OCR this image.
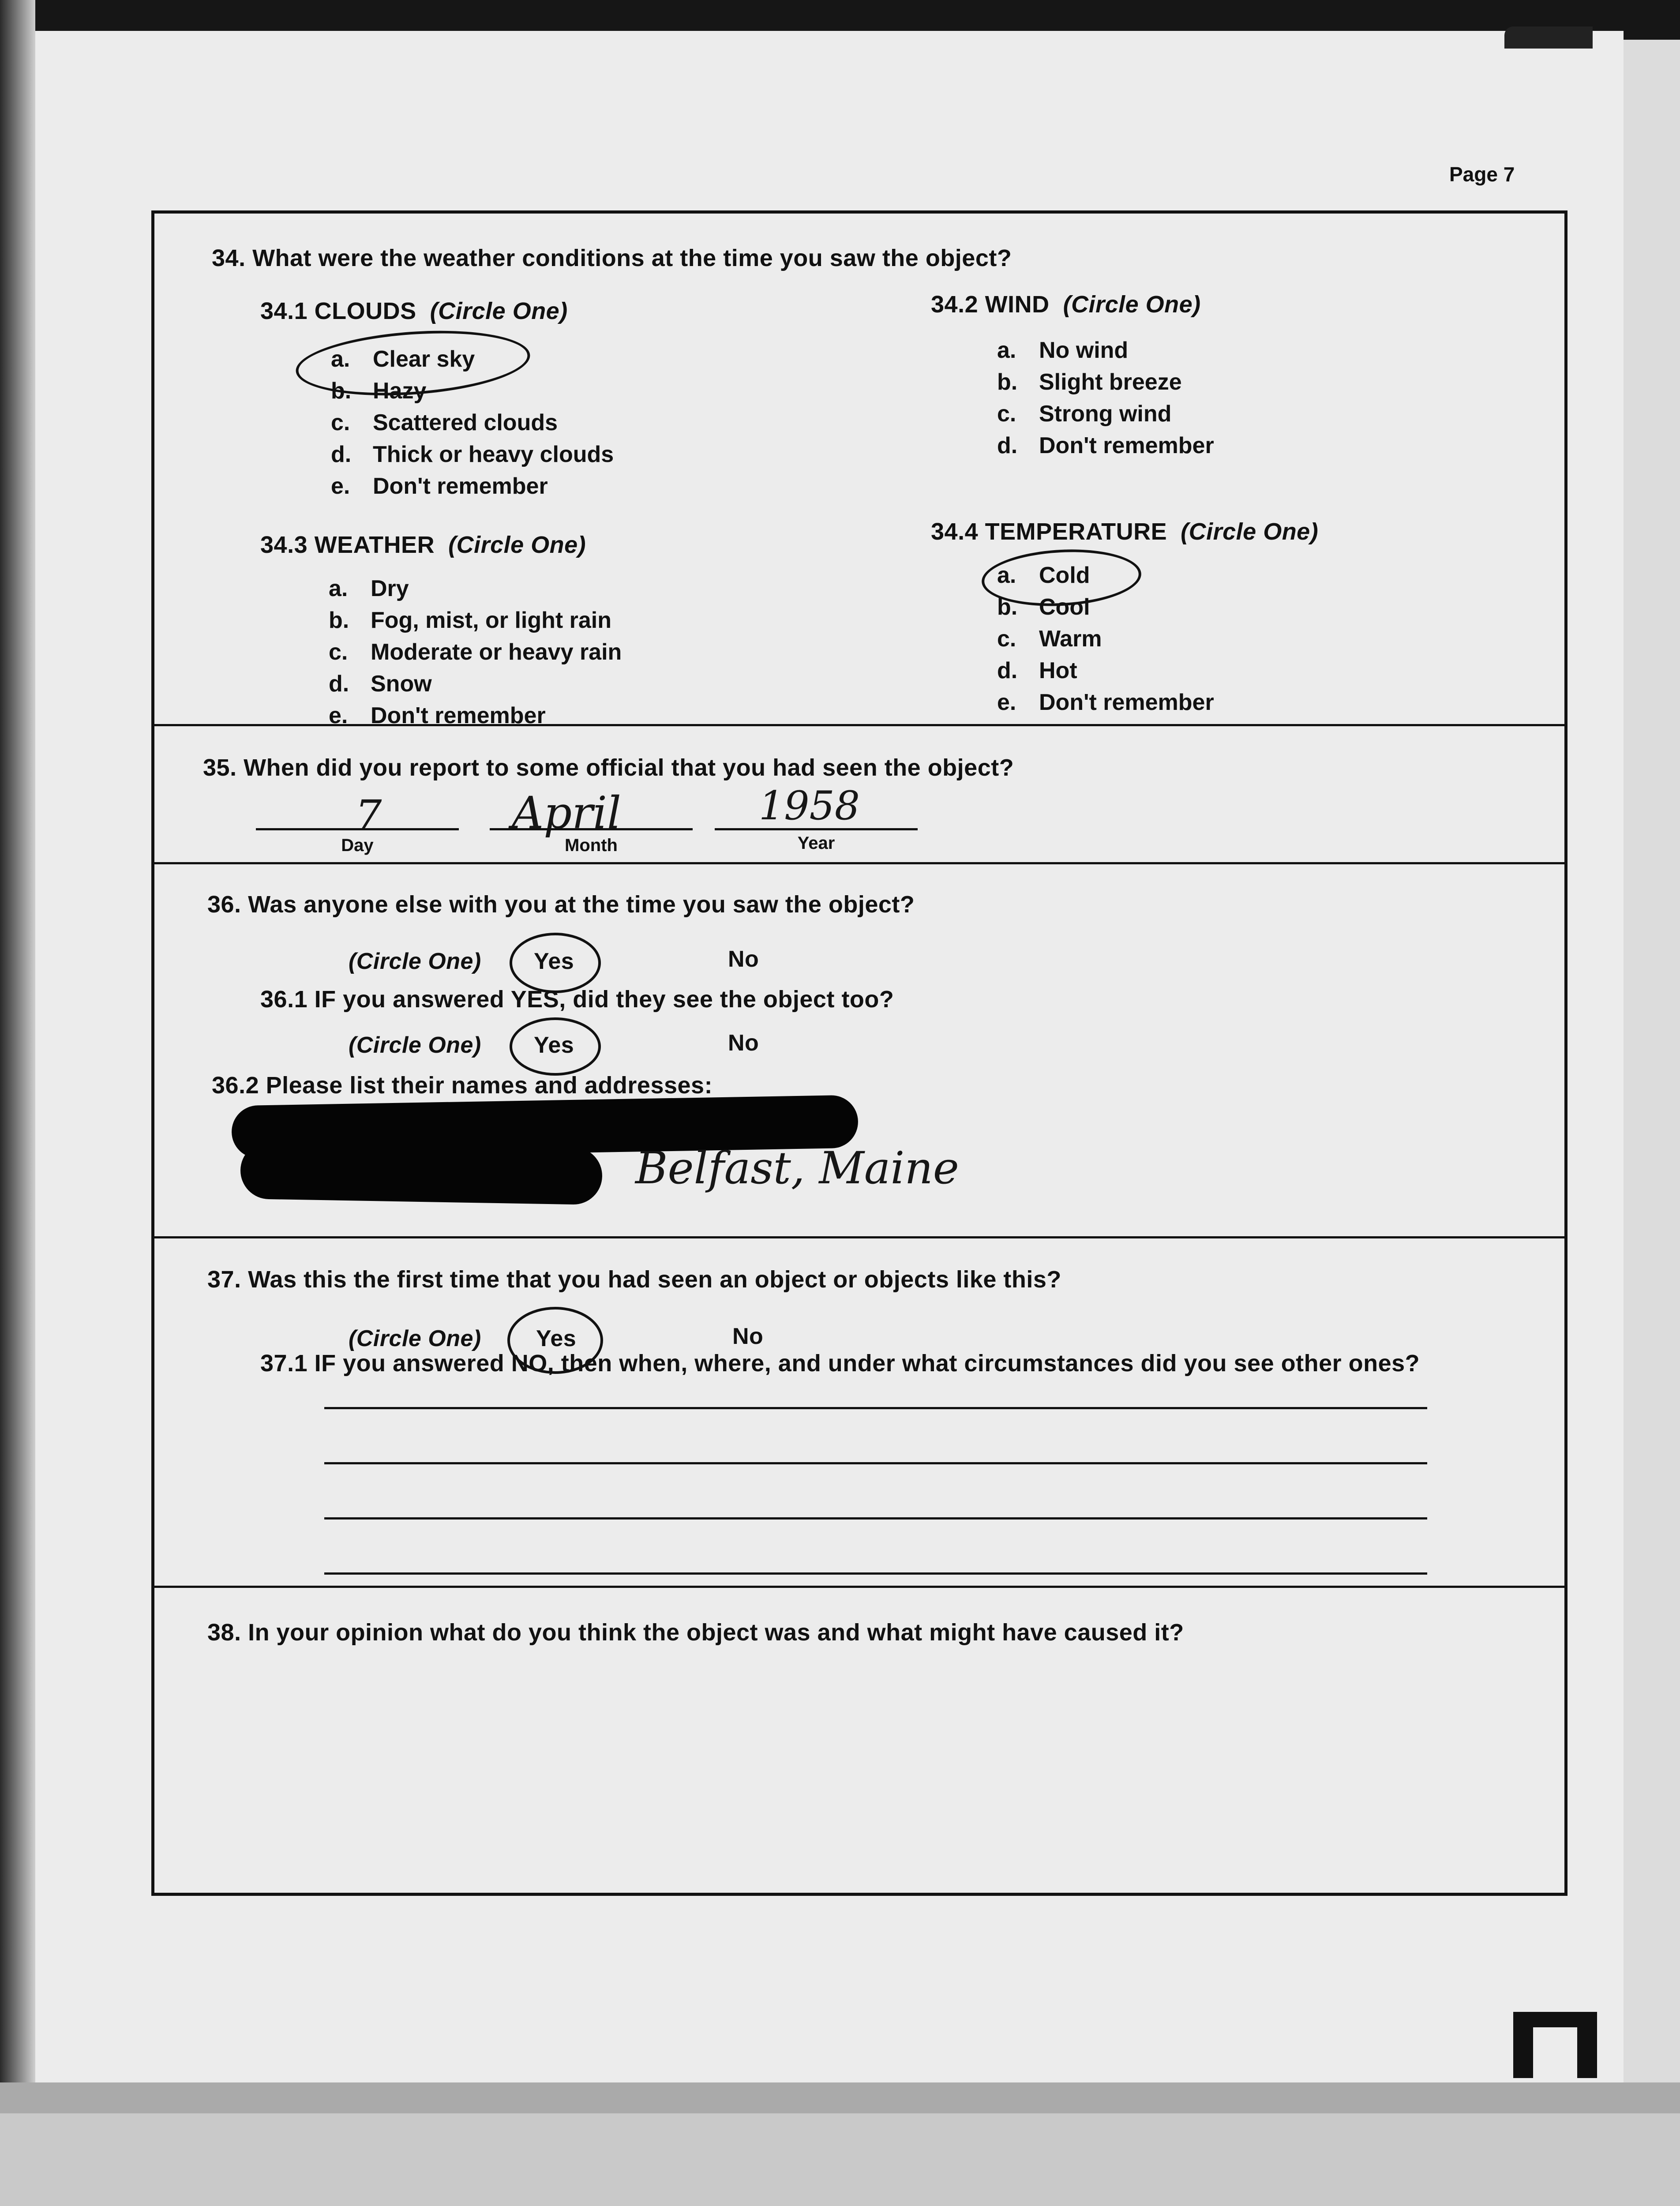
Page 7
34. What were the weather conditions at the time you saw the object?
34.1 CLOUDS (Circle One)
a. Clear sky
b. Hazy
c. Scattered clouds
d. Thick or heavy clouds
e. Don't remember
34.2 WIND (Circle One)
a. No wind
b. Slight breeze
c. Strong wind
d. Don't remember
34.3 WEATHER (Circle One)
a. Dry
b. Fog, mist, or light rain
c. Moderate or heavy rain
d. Snow
e. Don't remember
34.4 TEMPERATURE (Circle One)
a. Cold
b. Cool
c. Warm
d. Hot
e. Don't remember
35. When did you report to some official that you had seen the object?
7	April	1958
Day	Month	Year
36. Was anyone else with you at the time you saw the object?
(Circle One) Yes	No
36.1 IF you answered YES, did they see the object too?
(Circle One) Yes	No
36.2 Please list their names and addresses:
Belfast, Maine
37. Was this the first time that you had seen an object or objects like this?
(Circle One) Yes	No
37.1 IF you answered NO, then when, where, and under what circumstances did you see other ones?
38. In your opinion what do you think the object was and what might have caused it?
